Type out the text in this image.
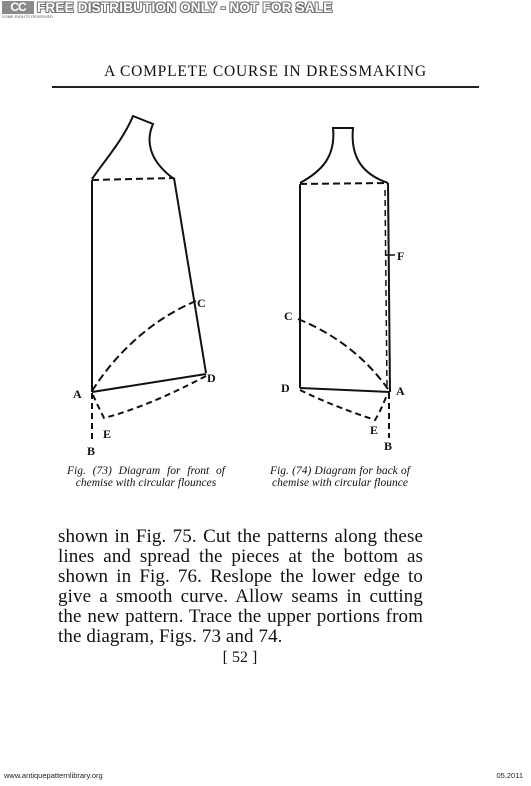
CC
SOME RIGHTS RESERVED
FREE DISTRIBUTION ONLY - NOT FOR SALE
A COMPLETE COURSE IN DRESSMAKING
A
B
C
D
E
A
B
C
D
E
F
Fig. (73) Diagram for front of chemise with circular flounces
Fig. (74) Diagram for back of chemise with circular flounce
shown in Fig. 75. Cut the patterns along these lines and spread the pieces at the bottom as shown in Fig. 76. Reslope the lower edge to give a smooth curve. Allow seams in cutting the new pattern. Trace the upper portions from the diagram, Figs. 73 and 74.
[ 52 ]
www.antiquepatternlibrary.org	05.2011
